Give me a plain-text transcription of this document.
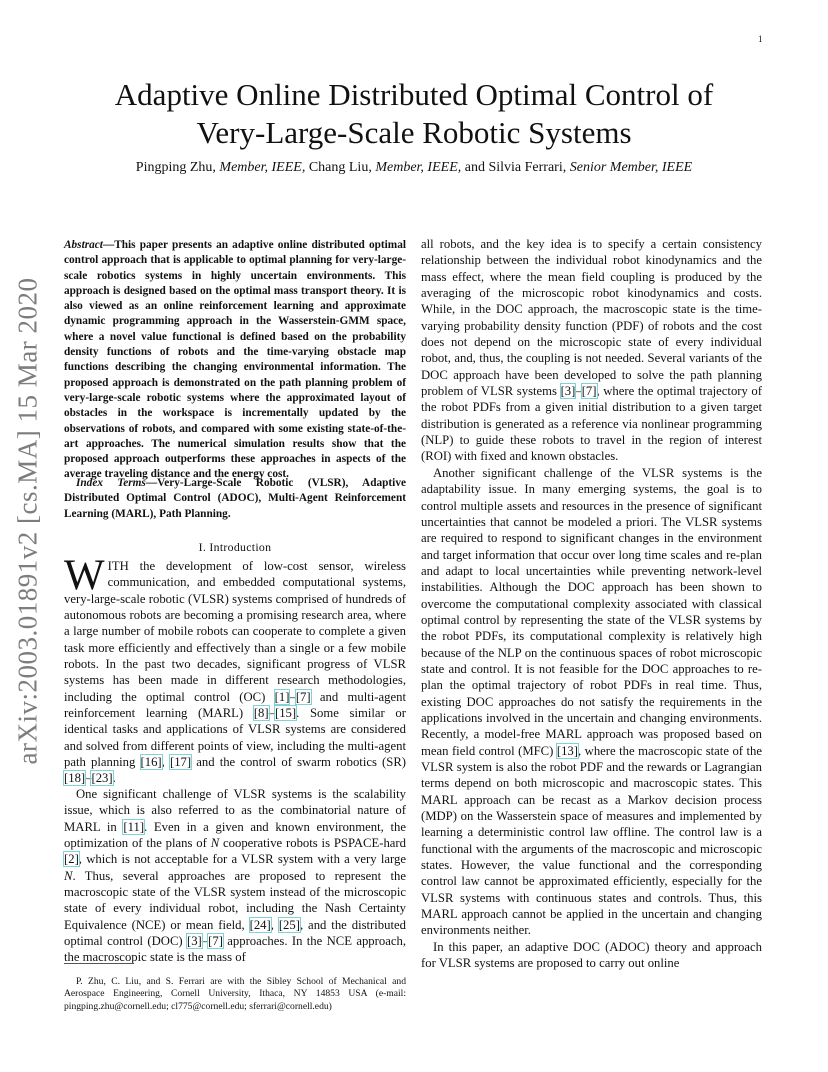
1
arXiv:2003.01891v2 [cs.MA] 15 Mar 2020
Adaptive Online Distributed Optimal Control of
Very-Large-Scale Robotic Systems
Pingping Zhu, Member, IEEE, Chang Liu, Member, IEEE, and Silvia Ferrari, Senior Member, IEEE
Abstract—This paper presents an adaptive online distributed optimal control approach that is applicable to optimal planning for very-large-scale robotics systems in highly uncertain environments. This approach is designed based on the optimal mass transport theory. It is also viewed as an online reinforcement learning and approximate dynamic programming approach in the Wasserstein-GMM space, where a novel value functional is defined based on the probability density functions of robots and the time-varying obstacle map functions describing the changing environmental information. The proposed approach is demonstrated on the path planning problem of very-large-scale robotic systems where the approximated layout of obstacles in the workspace is incrementally updated by the observations of robots, and compared with some existing state-of-the-art approaches. The numerical simulation results show that the proposed approach outperforms these approaches in aspects of the average traveling distance and the energy cost.
Index Terms—Very-Large-Scale Robotic (VLSR), Adaptive Distributed Optimal Control (ADOC), Multi-Agent Reinforcement Learning (MARL), Path Planning.
I. Introduction
WITH the development of low-cost sensor, wireless communication, and embedded computational systems, very-large-scale robotic (VLSR) systems comprised of hundreds of autonomous robots are becoming a promising research area, where a large number of mobile robots can cooperate to complete a given task more efficiently and effectively than a single or a few mobile robots. In the past two decades, significant progress of VLSR systems has been made in different research methodologies, including the optimal control (OC) [1]–[7] and multi-agent reinforcement learning (MARL) [8]–[15]. Some similar or identical tasks and applications of VLSR systems are considered and solved from different points of view, including the multi-agent path planning [16], [17] and the control of swarm robotics (SR) [18]–[23].
One significant challenge of VLSR systems is the scalability issue, which is also referred to as the combinatorial nature of MARL in [11]. Even in a given and known environment, the optimization of the plans of N cooperative robots is PSPACE-hard [2], which is not acceptable for a VLSR system with a very large N. Thus, several approaches are proposed to represent the macroscopic state of the VLSR system instead of the microscopic state of every individual robot, including the Nash Certainty Equivalence (NCE) or mean field, [24], [25], and the distributed optimal control (DOC) [3]–[7] approaches. In the NCE approach, the macroscopic state is the mass of
P. Zhu, C. Liu, and S. Ferrari are with the Sibley School of Mechanical and Aerospace Engineering, Cornell University, Ithaca, NY 14853 USA (e-mail: pingping.zhu@cornell.edu; cl775@cornell.edu; sferrari@cornell.edu)

all robots, and the key idea is to specify a certain consistency relationship between the individual robot kinodynamics and the mass effect, where the mean field coupling is produced by the averaging of the microscopic robot kinodynamics and costs. While, in the DOC approach, the macroscopic state is the time-varying probability density function (PDF) of robots and the cost does not depend on the microscopic state of every individual robot, and, thus, the coupling is not needed. Several variants of the DOC approach have been developed to solve the path planning problem of VLSR systems [3]–[7], where the optimal trajectory of the robot PDFs from a given initial distribution to a given target distribution is generated as a reference via nonlinear programming (NLP) to guide these robots to travel in the region of interest (ROI) with fixed and known obstacles.

Another significant challenge of the VLSR systems is the adaptability issue. In many emerging systems, the goal is to control multiple assets and resources in the presence of significant uncertainties that cannot be modeled a priori. The VLSR systems are required to respond to significant changes in the environment and target information that occur over long time scales and re-plan and adapt to local uncertainties while preventing network-level instabilities. Although the DOC approach has been shown to overcome the computational complexity associated with classical optimal control by representing the state of the VLSR systems by the robot PDFs, its computational complexity is relatively high because of the NLP on the continuous spaces of robot microscopic state and control. It is not feasible for the DOC approaches to re-plan the optimal trajectory of robot PDFs in real time. Thus, existing DOC approaches do not satisfy the requirements in the applications involved in the uncertain and changing environments. Recently, a model-free MARL approach was proposed based on mean field control (MFC) [13], where the macroscopic state of the VLSR system is also the robot PDF and the rewards or Lagrangian terms depend on both microscopic and macroscopic states. This MARL approach can be recast as a Markov decision process (MDP) on the Wasserstein space of measures and implemented by learning a deterministic control law offline. The control law is a functional with the arguments of the macroscopic and microscopic states. However, the value functional and the corresponding control law cannot be approximated efficiently, especially for the VLSR systems with continuous states and controls. Thus, this MARL approach cannot be applied in the uncertain and changing environments neither.

In this paper, an adaptive DOC (ADOC) theory and approach for VLSR systems are proposed to carry out online
